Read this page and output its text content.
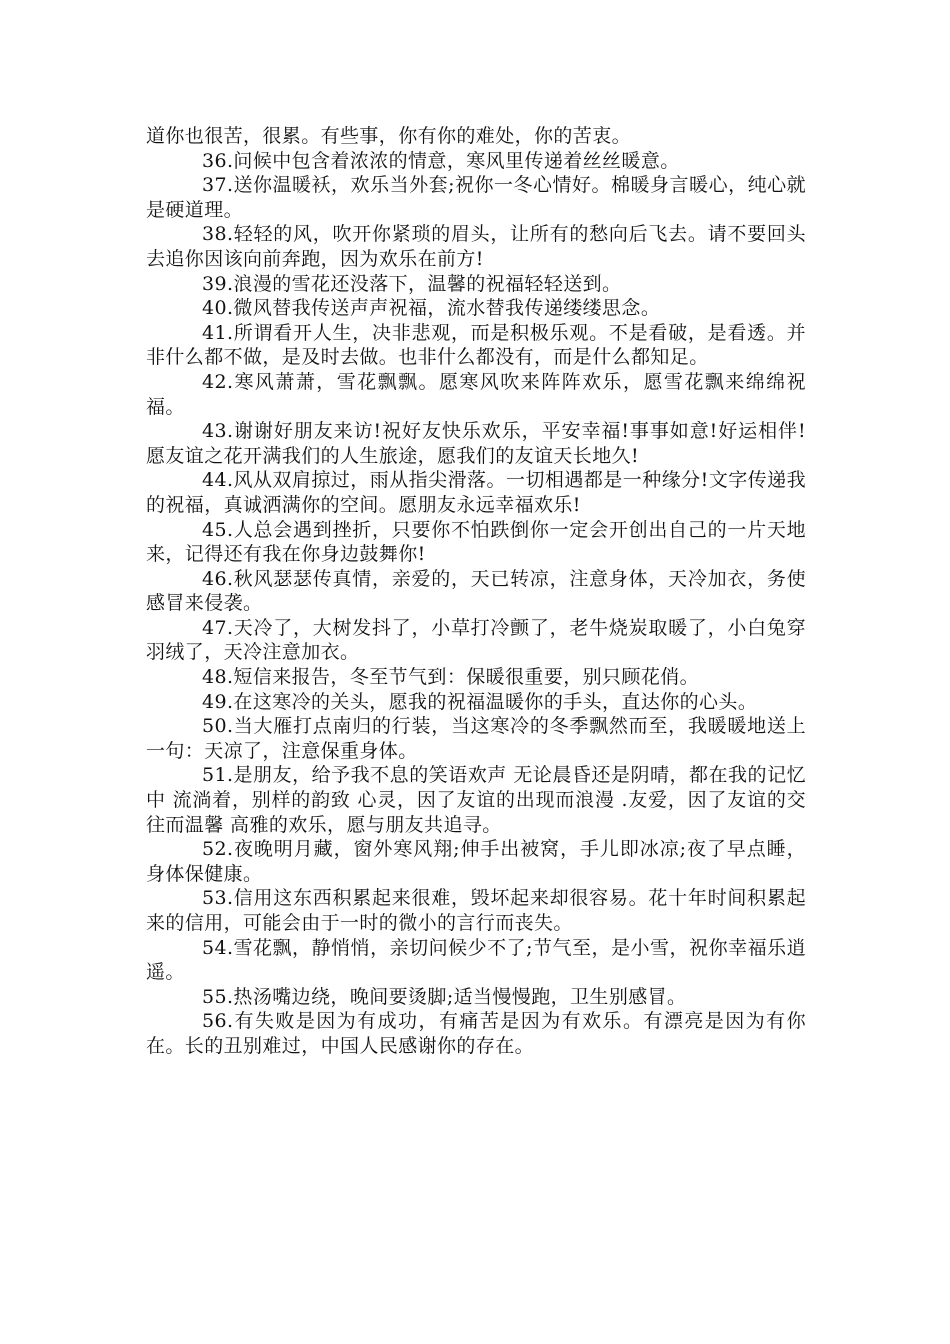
道你也很苦，很累。有些事，你有你的难处，你的苦衷。

36.问候中包含着浓浓的情意，寒风里传递着丝丝暖意。

37.送你温暖袄，欢乐当外套;祝你一冬心情好。棉暖身言暖心，纯心就是硬道理。

38.轻轻的风，吹开你紧琐的眉头，让所有的愁向后飞去。请不要回头去追你因该向前奔跑，因为欢乐在前方!

39.浪漫的雪花还没落下，温馨的祝福轻轻送到。

40.微风替我传送声声祝福，流水替我传递缕缕思念。

41.所谓看开人生，决非悲观，而是积极乐观。不是看破，是看透。并非什么都不做，是及时去做。也非什么都没有，而是什么都知足。

42.寒风萧萧，雪花飘飘。愿寒风吹来阵阵欢乐，愿雪花飘来绵绵祝福。

43.谢谢好朋友来访!祝好友快乐欢乐，平安幸福!事事如意!好运相伴!愿友谊之花开满我们的人生旅途，愿我们的友谊天长地久!

44.风从双肩掠过，雨从指尖滑落。一切相遇都是一种缘分!文字传递我的祝福，真诚洒满你的空间。愿朋友永远幸福欢乐!

45.人总会遇到挫折，只要你不怕跌倒你一定会开创出自己的一片天地来，记得还有我在你身边鼓舞你!

46.秋风瑟瑟传真情，亲爱的，天已转凉，注意身体，天冷加衣，务使感冒来侵袭。

47.天冷了，大树发抖了，小草打冷颤了，老牛烧炭取暖了，小白兔穿羽绒了，天冷注意加衣。

48.短信来报告，冬至节气到：保暖很重要，别只顾花俏。

49.在这寒冷的关头，愿我的祝福温暖你的手头，直达你的心头。

50.当大雁打点南归的行装，当这寒冷的冬季飘然而至，我暖暖地送上一句：天凉了，注意保重身体。

51.是朋友，给予我不息的笑语欢声 无论晨昏还是阴晴，都在我的记忆中 流淌着，别样的韵致 心灵，因了友谊的出现而浪漫 .友爱，因了友谊的交往而温馨 高雅的欢乐，愿与朋友共追寻。

52.夜晚明月藏，窗外寒风翔;伸手出被窝，手儿即冰凉;夜了早点睡，身体保健康。

53.信用这东西积累起来很难，毁坏起来却很容易。花十年时间积累起来的信用，可能会由于一时的微小的言行而丧失。

54.雪花飘，静悄悄，亲切问候少不了;节气至，是小雪，祝你幸福乐逍遥。

55.热汤嘴边绕，晚间要烫脚;适当慢慢跑，卫生别感冒。

56.有失败是因为有成功，有痛苦是因为有欢乐。有漂亮是因为有你在。长的丑别难过，中国人民感谢你的存在。
